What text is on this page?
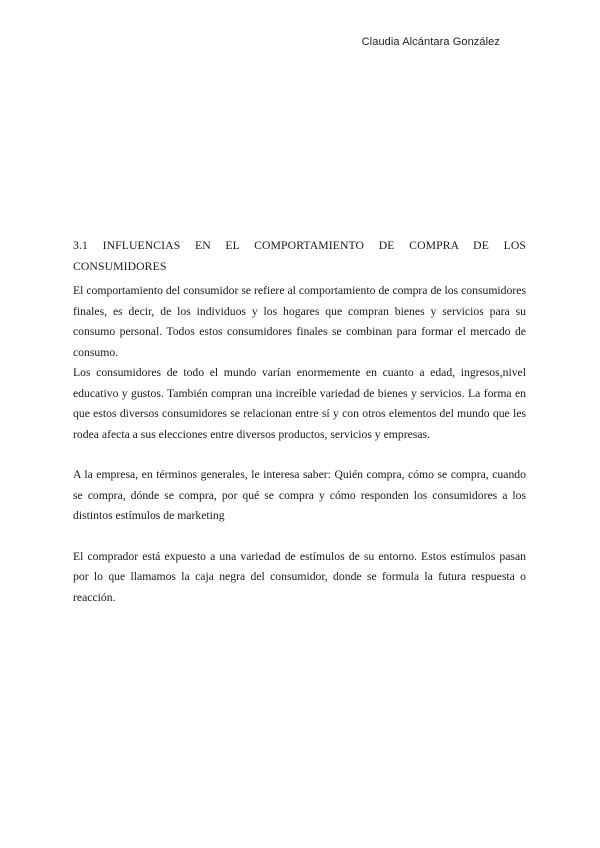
Claudia Alcántara González

3.1 INFLUENCIAS EN EL COMPORTAMIENTO DE COMPRA DE LOS CONSUMIDORES

El comportamiento del consumidor se refiere al comportamiento de compra de los consumidores finales, es decir, de los individuos y los hogares que compran bienes y servicios para su consumo personal. Todos estos consumidores finales se combinan para formar el mercado de consumo.

Los consumidores de todo el mundo varían enormemente en cuanto a edad, ingresos,nivel educativo y gustos. También compran una increíble variedad de bienes y servicios. La forma en que estos diversos consumidores se relacionan entre sí y con otros elementos del mundo que les rodea afecta a sus elecciones entre diversos productos, servicios y empresas.

A la empresa, en términos generales, le interesa saber: Quién compra, cómo se compra, cuando se compra, dónde se compra, por qué se compra y cómo responden los consumidores a los distintos estímulos de marketing

El comprador está expuesto a una variedad de estímulos de su entorno. Estos estímulos pasan por lo que llamamos la caja negra del consumidor, donde se formula la futura respuesta o reacción.
